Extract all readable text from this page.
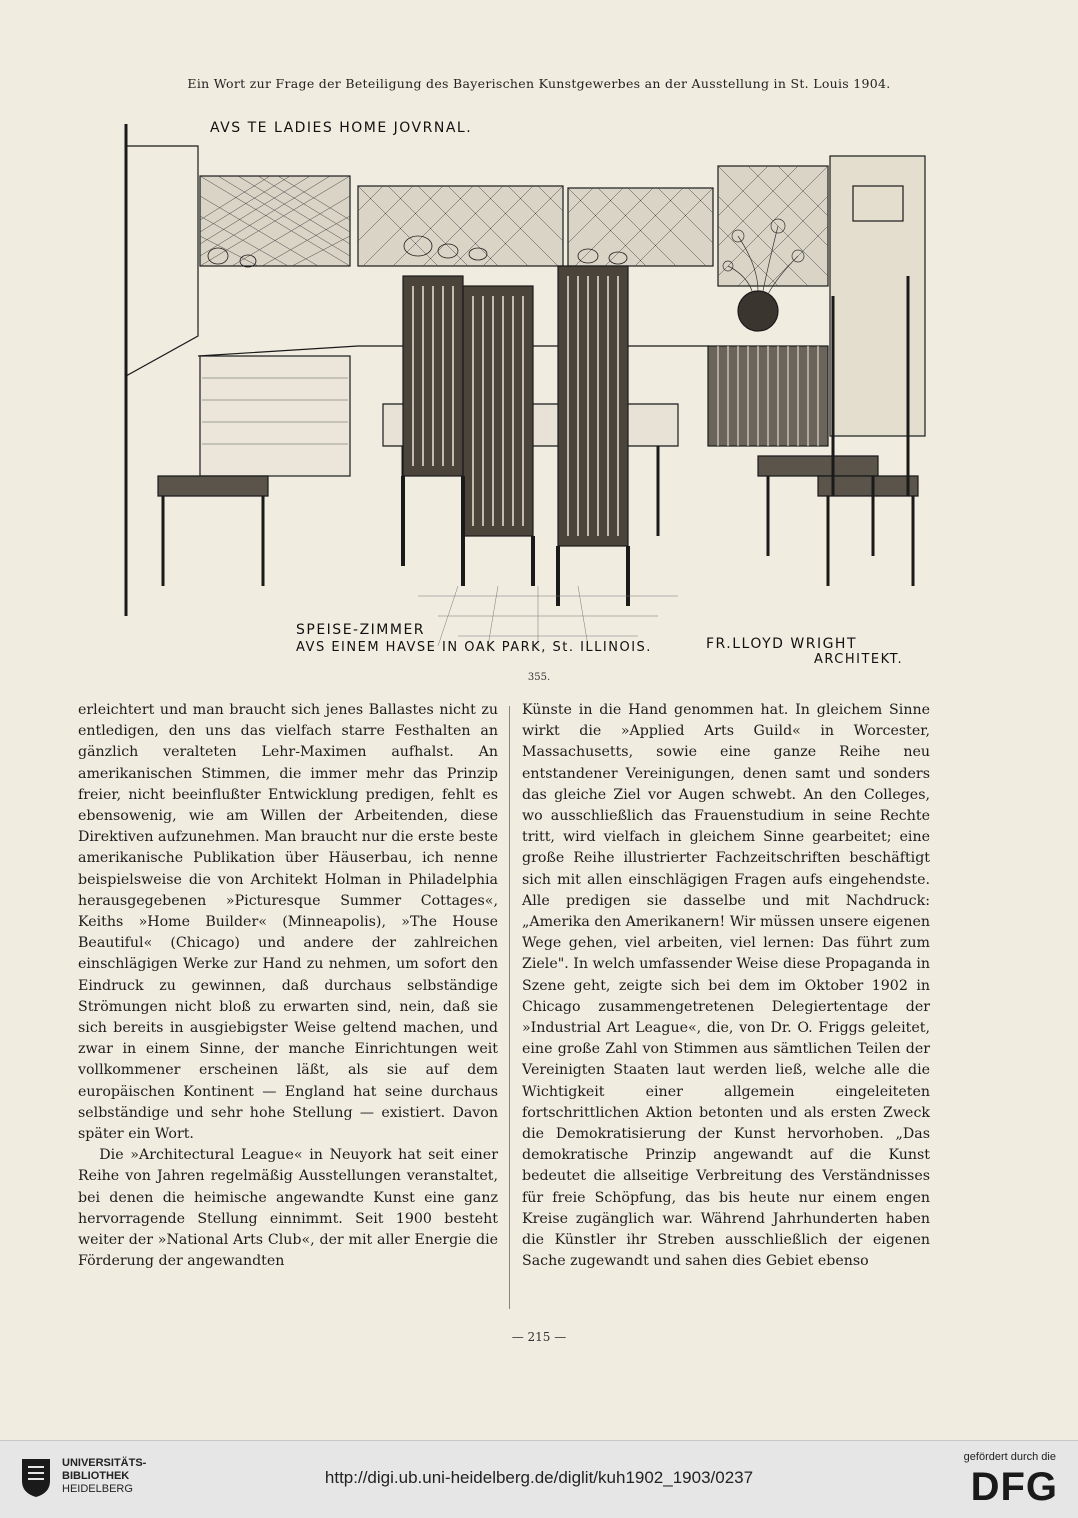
Ein Wort zur Frage der Beteiligung des Bayerischen Kunstgewerbes an der Ausstellung in St. Louis 1904.
AVS TE LADIES HOME JOVRNAL.
SPEISE-ZIMMER
AVS EINEM HAVSE IN OAK PARK, St. ILLINOIS.	FR.LLOYD WRIGHT
ARCHITEKT.
355.

erleichtert und man braucht sich jenes Ballastes nicht zu entledigen, den uns das vielfach starre Festhalten an gänzlich veralteten Lehr-Maximen aufhalst. An amerikanischen Stimmen, die immer mehr das Prinzip freier, nicht beeinflußter Entwicklung predigen, fehlt es ebensowenig, wie am Willen der Arbeitenden, diese Direktiven aufzunehmen. Man braucht nur die erste beste amerikanische Publikation über Häuserbau, ich nenne beispielsweise die von Architekt Holman in Philadelphia herausgegebenen »Picturesque Summer Cottages«, Keiths »Home Builder« (Minneapolis), »The House Beautiful« (Chicago) und andere der zahlreichen einschlägigen Werke zur Hand zu nehmen, um sofort den Eindruck zu gewinnen, daß durchaus selbständige Strömungen nicht bloß zu erwarten sind, nein, daß sie sich bereits in ausgiebigster Weise geltend machen, und zwar in einem Sinne, der manche Einrichtungen weit vollkommener erscheinen läßt, als sie auf dem europäischen Kontinent — England hat seine durchaus selbständige und sehr hohe Stellung — existiert. Davon später ein Wort.

Die »Architectural League« in Neuyork hat seit einer Reihe von Jahren regelmäßig Ausstellungen veranstaltet, bei denen die heimische angewandte Kunst eine ganz hervorragende Stellung einnimmt. Seit 1900 besteht weiter der »National Arts Club«, der mit aller Energie die Förderung der angewandten

Künste in die Hand genommen hat. In gleichem Sinne wirkt die »Applied Arts Guild« in Worcester, Massachusetts, sowie eine ganze Reihe neu entstandener Vereinigungen, denen samt und sonders das gleiche Ziel vor Augen schwebt. An den Colleges, wo ausschließlich das Frauenstudium in seine Rechte tritt, wird vielfach in gleichem Sinne gearbeitet; eine große Reihe illustrierter Fachzeitschriften beschäftigt sich mit allen einschlägigen Fragen aufs eingehendste. Alle predigen sie dasselbe und mit Nachdruck: „Amerika den Amerikanern! Wir müssen unsere eigenen Wege gehen, viel arbeiten, viel lernen: Das führt zum Ziele". In welch umfassender Weise diese Propaganda in Szene geht, zeigte sich bei dem im Oktober 1902 in Chicago zusammengetretenen Delegiertentage der »Industrial Art League«, die, von Dr. O. Friggs geleitet, eine große Zahl von Stimmen aus sämtlichen Teilen der Vereinigten Staaten laut werden ließ, welche alle die Wichtigkeit einer allgemein eingeleiteten fortschrittlichen Aktion betonten und als ersten Zweck die Demokratisierung der Kunst hervorhoben. „Das demokratische Prinzip angewandt auf die Kunst bedeutet die allseitige Verbreitung des Verständnisses für freie Schöpfung, das bis heute nur einem engen Kreise zugänglich war. Während Jahrhunderten haben die Künstler ihr Streben ausschließlich der eigenen Sache zugewandt und sahen dies Gebiet ebenso

— 215 —
UNIVERSITÄTS-
BIBLIOTHEK
HEIDELBERG
http://digi.ub.uni-heidelberg.de/diglit/kuh1902_1903/0237
gefördert durch die
DFG
